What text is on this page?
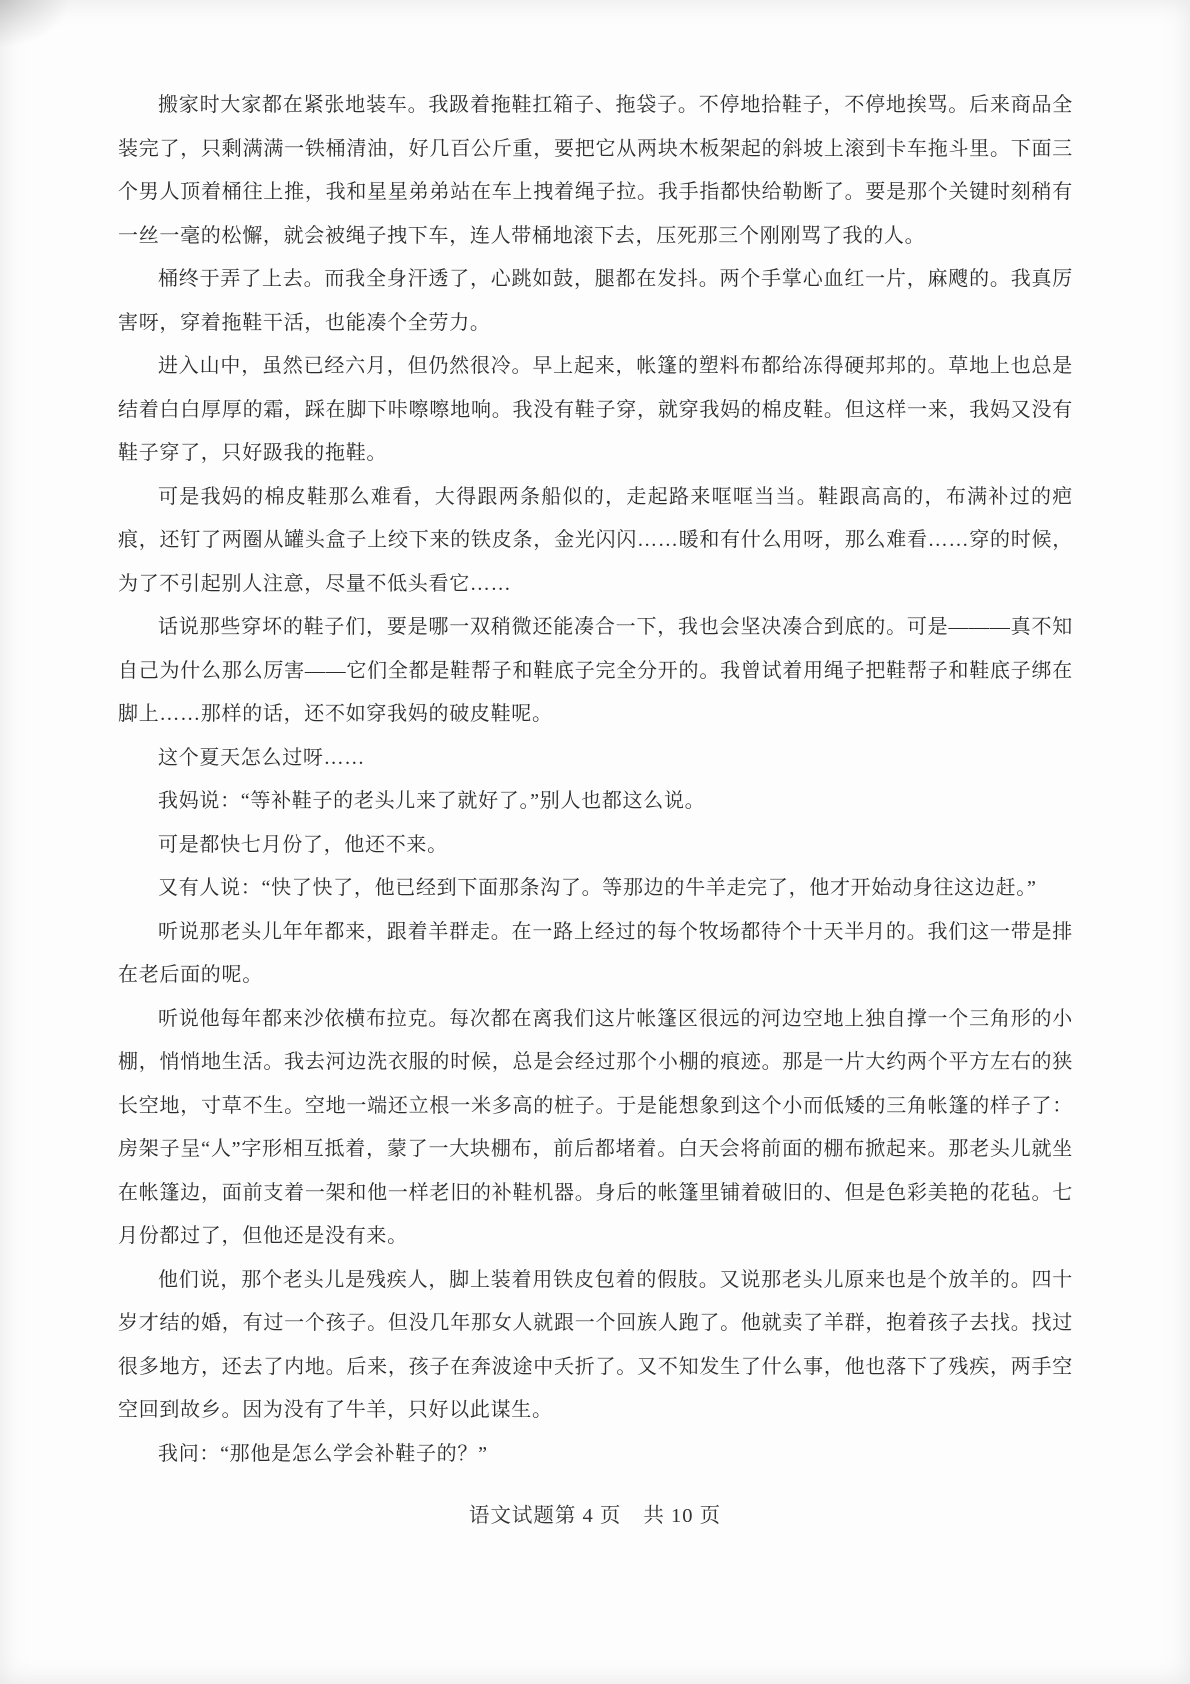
搬家时大家都在紧张地装车。我趿着拖鞋扛箱子、拖袋子。不停地拾鞋子，不停地挨骂。后来商品全装完了，只剩满满一铁桶清油，好几百公斤重，要把它从两块木板架起的斜坡上滚到卡车拖斗里。下面三个男人顶着桶往上推，我和星星弟弟站在车上拽着绳子拉。我手指都快给勒断了。要是那个关键时刻稍有一丝一毫的松懈，就会被绳子拽下车，连人带桶地滚下去，压死那三个刚刚骂了我的人。

桶终于弄了上去。而我全身汗透了，心跳如鼓，腿都在发抖。两个手掌心血红一片，麻飕的。我真厉害呀，穿着拖鞋干活，也能凑个全劳力。

进入山中，虽然已经六月，但仍然很冷。早上起来，帐篷的塑料布都给冻得硬邦邦的。草地上也总是结着白白厚厚的霜，踩在脚下咔嚓嚓地响。我没有鞋子穿，就穿我妈的棉皮鞋。但这样一来，我妈又没有鞋子穿了，只好趿我的拖鞋。

可是我妈的棉皮鞋那么难看，大得跟两条船似的，走起路来哐哐当当。鞋跟高高的，布满补过的疤痕，还钉了两圈从罐头盒子上绞下来的铁皮条，金光闪闪……暖和有什么用呀，那么难看……穿的时候，为了不引起别人注意，尽量不低头看它……

话说那些穿坏的鞋子们，要是哪一双稍微还能凑合一下，我也会坚决凑合到底的。可是———真不知自己为什么那么厉害——它们全都是鞋帮子和鞋底子完全分开的。我曾试着用绳子把鞋帮子和鞋底子绑在脚上……那样的话，还不如穿我妈的破皮鞋呢。

这个夏天怎么过呀……

我妈说：“等补鞋子的老头儿来了就好了。”别人也都这么说。

可是都快七月份了，他还不来。

又有人说：“快了快了，他已经到下面那条沟了。等那边的牛羊走完了，他才开始动身往这边赶。”

听说那老头儿年年都来，跟着羊群走。在一路上经过的每个牧场都待个十天半月的。我们这一带是排在老后面的呢。

听说他每年都来沙依横布拉克。每次都在离我们这片帐篷区很远的河边空地上独自撑一个三角形的小棚，悄悄地生活。我去河边洗衣服的时候，总是会经过那个小棚的痕迹。那是一片大约两个平方左右的狭长空地，寸草不生。空地一端还立根一米多高的桩子。于是能想象到这个小而低矮的三角帐篷的样子了：房架子呈“人”字形相互抵着，蒙了一大块棚布，前后都堵着。白天会将前面的棚布掀起来。那老头儿就坐在帐篷边，面前支着一架和他一样老旧的补鞋机器。身后的帐篷里铺着破旧的、但是色彩美艳的花毡。七月份都过了，但他还是没有来。

他们说，那个老头儿是残疾人，脚上装着用铁皮包着的假肢。又说那老头儿原来也是个放羊的。四十岁才结的婚，有过一个孩子。但没几年那女人就跟一个回族人跑了。他就卖了羊群，抱着孩子去找。找过很多地方，还去了内地。后来，孩子在奔波途中夭折了。又不知发生了什么事，他也落下了残疾，两手空空回到故乡。因为没有了牛羊，只好以此谋生。

我问：“那他是怎么学会补鞋子的？”

语文试题第 4 页 共 10 页
